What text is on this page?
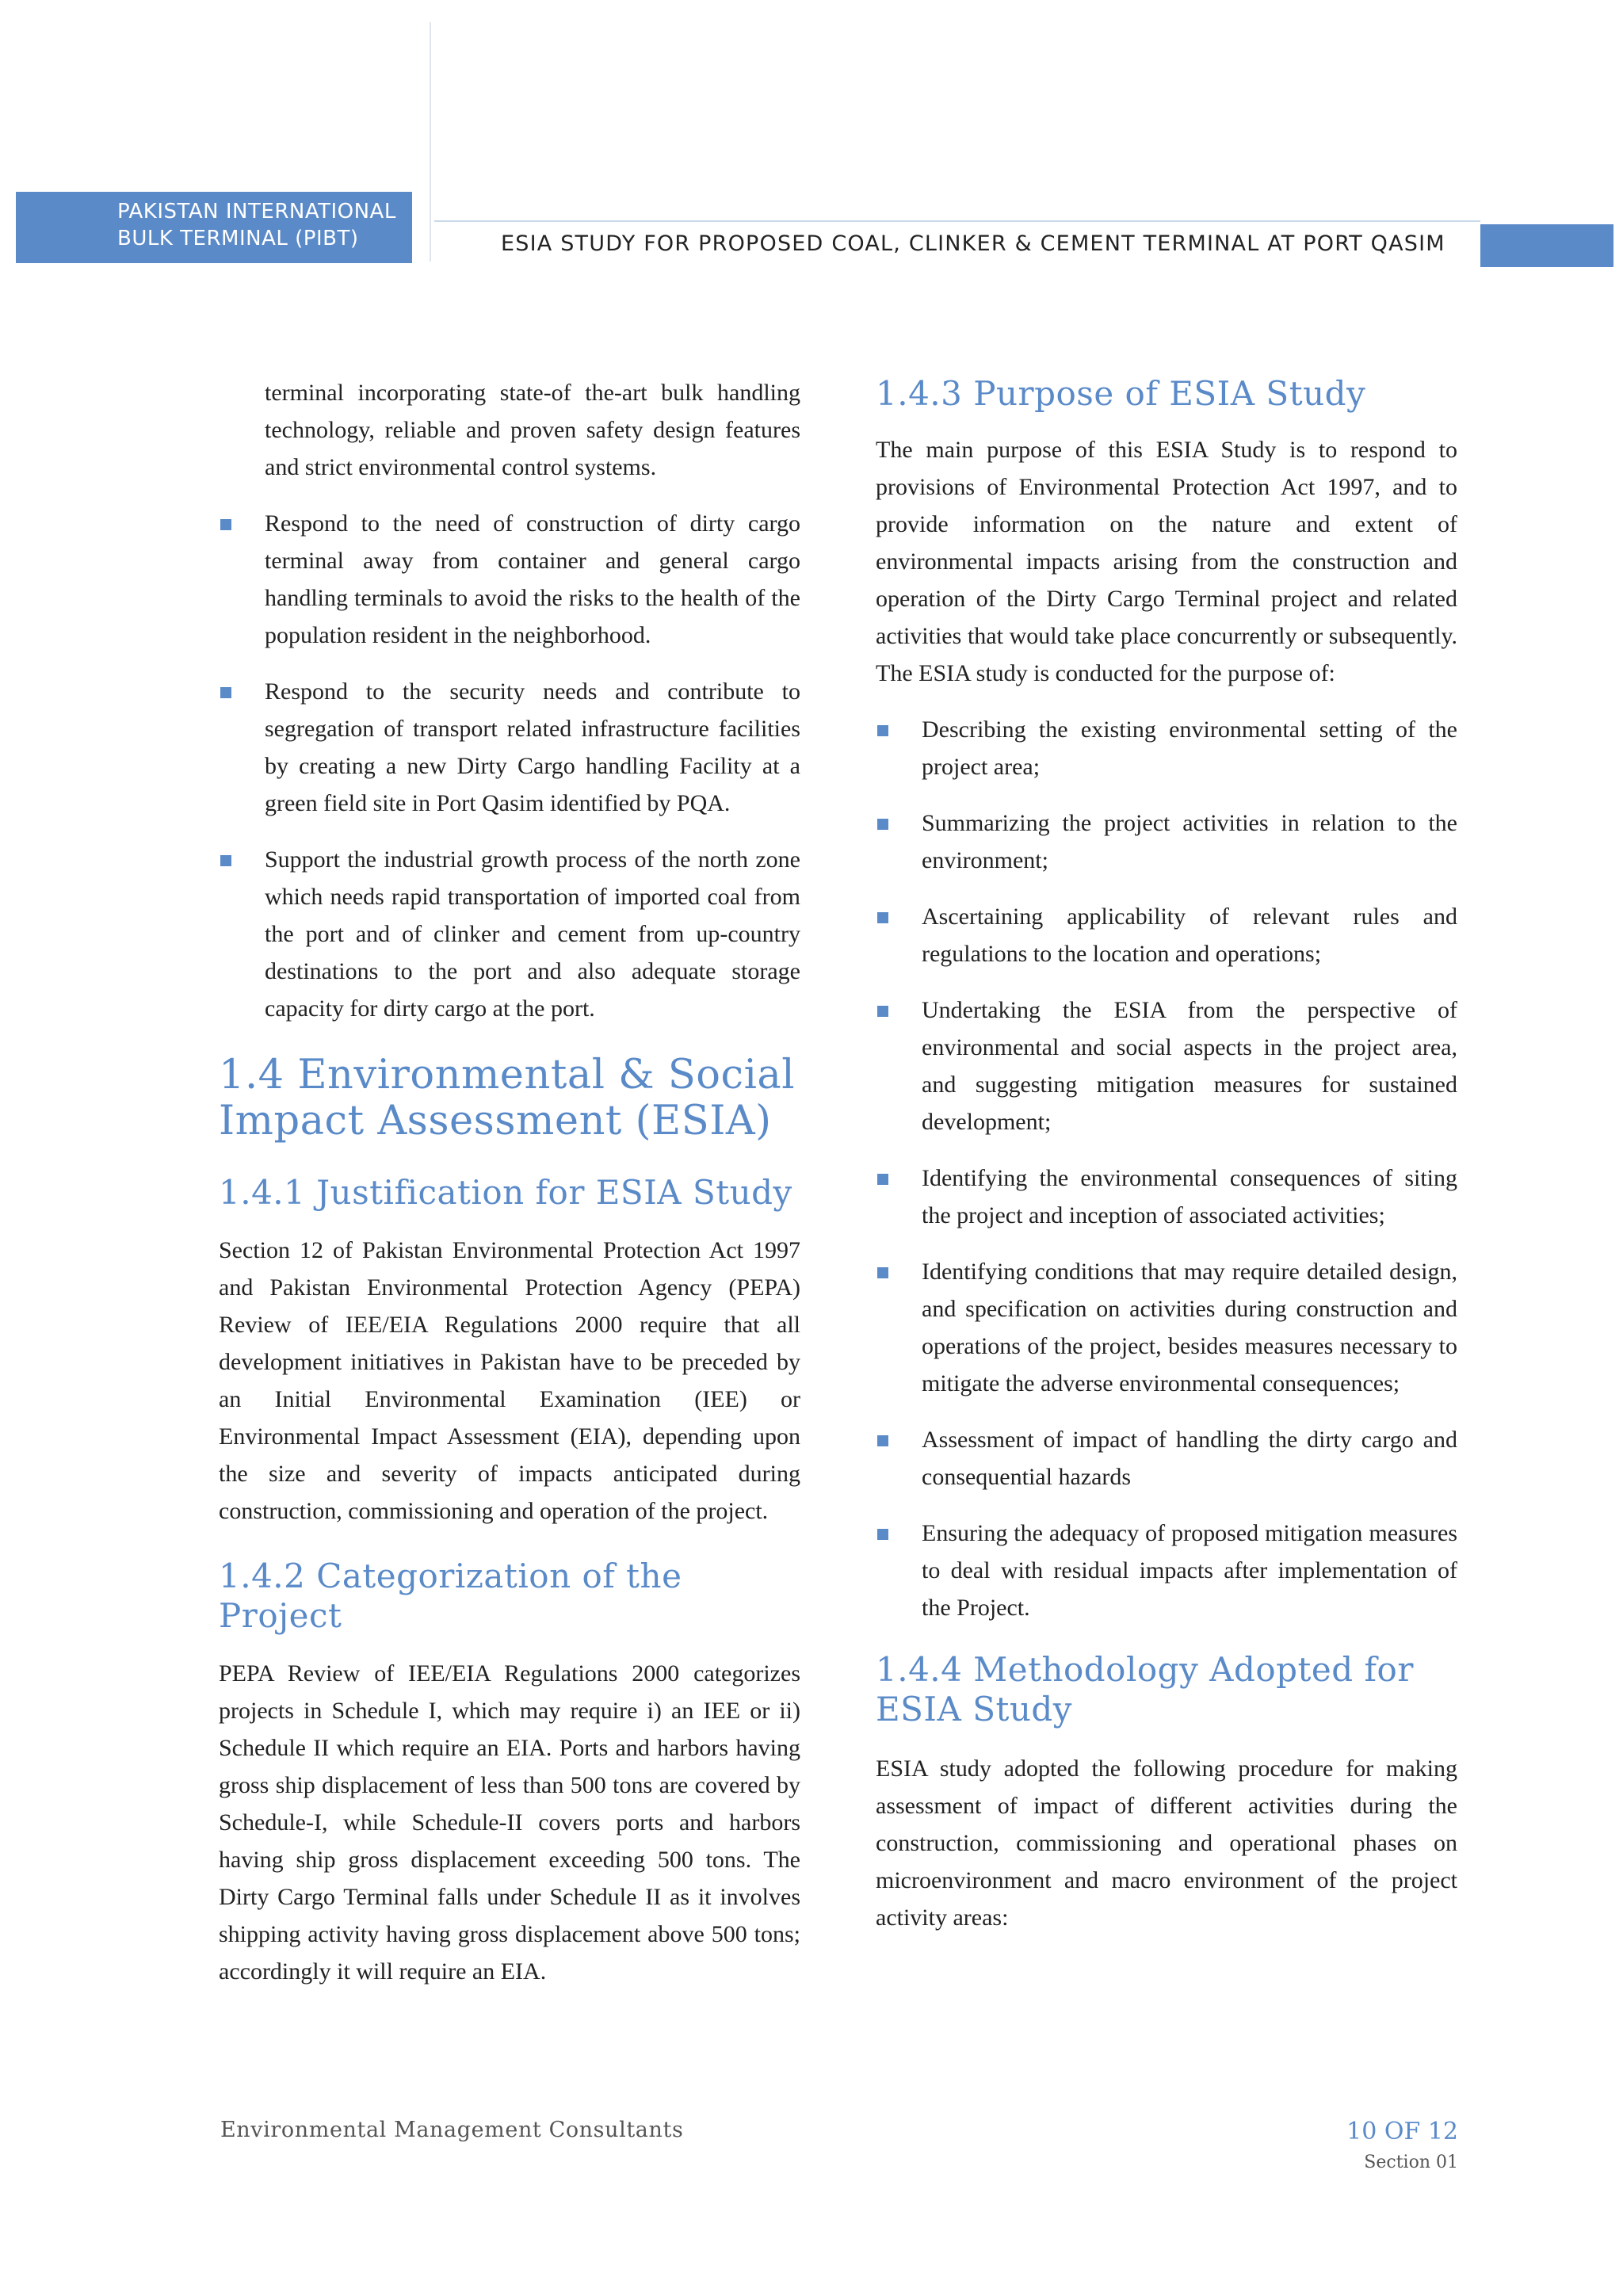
PAKISTAN INTERNATIONAL
BULK TERMINAL (PIBT)	ESIA STUDY FOR PROPOSED COAL, CLINKER & CEMENT TERMINAL AT PORT QASIM

terminal incorporating state-of the-art bulk handling technology, reliable and proven safety design features and strict environmental control systems.

Respond to the need of construction of dirty cargo terminal away from container and general cargo handling terminals to avoid the risks to the health of the population resident in the neighborhood.
Respond to the security needs and contribute to segregation of transport related infrastructure facilities by creating a new Dirty Cargo handling Facility at a green field site in Port Qasim identified by PQA.
Support the industrial growth process of the north zone which needs rapid transportation of imported coal from the port and of clinker and cement from up-country destinations to the port and also adequate storage capacity for dirty cargo at the port.
1.4 Environmental & Social
Impact Assessment (ESIA)
1.4.1 Justification for ESIA Study

Section 12 of Pakistan Environmental Protection Act 1997 and Pakistan Environmental Protection Agency (PEPA) Review of IEE/EIA Regulations 2000 require that all development initiatives in Pakistan have to be preceded by an Initial Environmental Examination (IEE) or Environmental Impact Assessment (EIA), depending upon the size and severity of impacts anticipated during construction, commissioning and operation of the project.

1.4.2 Categorization of the Project

PEPA Review of IEE/EIA Regulations 2000 categorizes projects in Schedule I, which may require i) an IEE or ii) Schedule II which require an EIA. Ports and harbors having gross ship displacement of less than 500 tons are covered by Schedule-I, while Schedule-II covers ports and harbors having ship gross displacement exceeding 500 tons. The Dirty Cargo Terminal falls under Schedule II as it involves shipping activity having gross displacement above 500 tons; accordingly it will require an EIA.

1.4.3 Purpose of ESIA Study

The main purpose of this ESIA Study is to respond to provisions of Environmental Protection Act 1997, and to provide information on the nature and extent of environmental impacts arising from the construction and operation of the Dirty Cargo Terminal project and related activities that would take place concurrently or subsequently. The ESIA study is conducted for the purpose of:

Describing the existing environmental setting of the project area;
Summarizing the project activities in relation to the environment;
Ascertaining applicability of relevant rules and regulations to the location and operations;
Undertaking the ESIA from the perspective of environmental and social aspects in the project area, and suggesting mitigation measures for sustained development;
Identifying the environmental consequences of siting the project and inception of associated activities;
Identifying conditions that may require detailed design, and specification on activities during construction and operations of the project, besides measures necessary to mitigate the adverse environmental consequences;
Assessment of impact of handling the dirty cargo and consequential hazards
Ensuring the adequacy of proposed mitigation measures to deal with residual impacts after implementation of the Project.
1.4.4 Methodology Adopted for
ESIA Study

ESIA study adopted the following procedure for making assessment of impact of different activities during the construction, commissioning and operational phases on microenvironment and macro environment of the project activity areas:

Environmental Management Consultants	10 OF 12
Section 01
